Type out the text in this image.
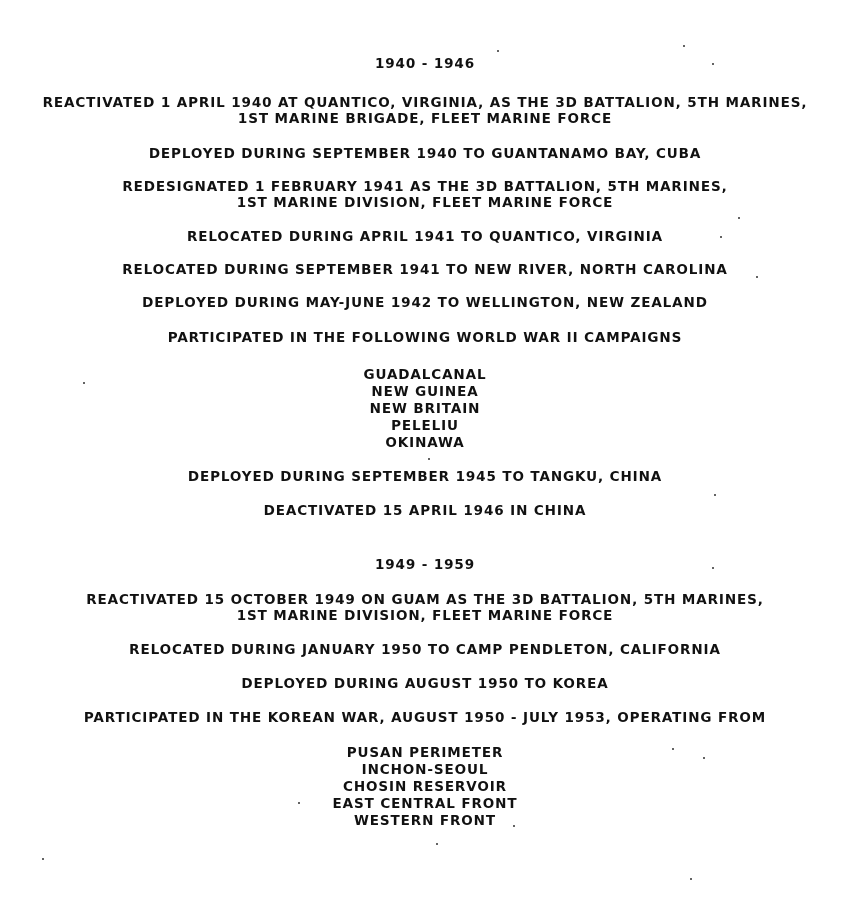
1940 - 1946
REACTIVATED 1 APRIL 1940 AT QUANTICO, VIRGINIA, AS THE 3D BATTALION, 5TH MARINES,
1ST MARINE BRIGADE, FLEET MARINE FORCE
DEPLOYED DURING SEPTEMBER 1940 TO GUANTANAMO BAY, CUBA
REDESIGNATED 1 FEBRUARY 1941 AS THE 3D BATTALION, 5TH MARINES,
1ST MARINE DIVISION, FLEET MARINE FORCE
RELOCATED DURING APRIL 1941 TO QUANTICO, VIRGINIA
RELOCATED DURING SEPTEMBER 1941 TO NEW RIVER, NORTH CAROLINA
DEPLOYED DURING MAY-JUNE 1942 TO WELLINGTON, NEW ZEALAND
PARTICIPATED IN THE FOLLOWING WORLD WAR II CAMPAIGNS
GUADALCANAL
NEW GUINEA
NEW BRITAIN
PELELIU
OKINAWA
DEPLOYED DURING SEPTEMBER 1945 TO TANGKU, CHINA
DEACTIVATED 15 APRIL 1946 IN CHINA
1949 - 1959
REACTIVATED 15 OCTOBER 1949 ON GUAM AS THE 3D BATTALION, 5TH MARINES,
1ST MARINE DIVISION, FLEET MARINE FORCE
RELOCATED DURING JANUARY 1950 TO CAMP PENDLETON, CALIFORNIA
DEPLOYED DURING AUGUST 1950 TO KOREA
PARTICIPATED IN THE KOREAN WAR, AUGUST 1950 - JULY 1953, OPERATING FROM
PUSAN PERIMETER
INCHON-SEOUL
CHOSIN RESERVOIR
EAST CENTRAL FRONT
WESTERN FRONT
